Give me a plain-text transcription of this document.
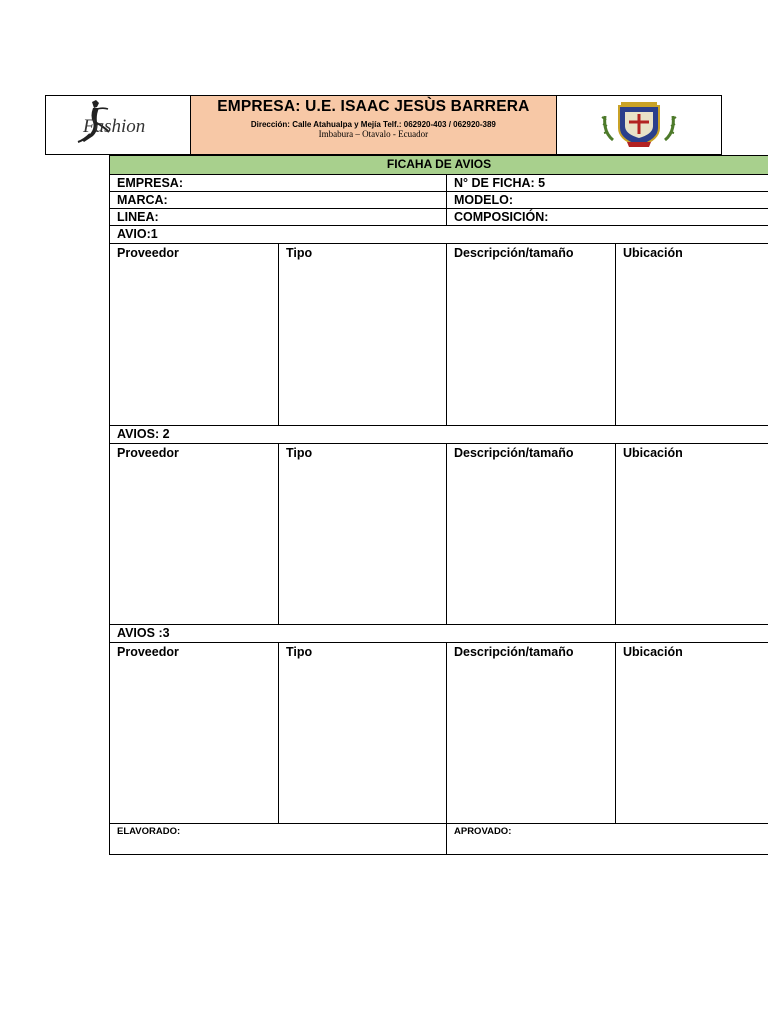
Fashion
EMPRESA: U.E. ISAAC JESÙS BARRERA
Dirección: Calle Atahualpa y Mejía Telf.: 062920-403 / 062920-389
Imbabura – Otavalo - Ecuador
FICAHA DE AVIOS			
EMPRESA:		N° DE FICHA: 5	
MARCA:		MODELO:	
LINEA:		COMPOSICIÓN:	
AVIO:1			
Proveedor	Tipo	Descripción/tamaño	Ubicación
AVIOS: 2			
Proveedor	Tipo	Descripción/tamaño	Ubicación
AVIOS :3			
Proveedor	Tipo	Descripción/tamaño	Ubicación
ELAVORADO:		APROVADO:	
